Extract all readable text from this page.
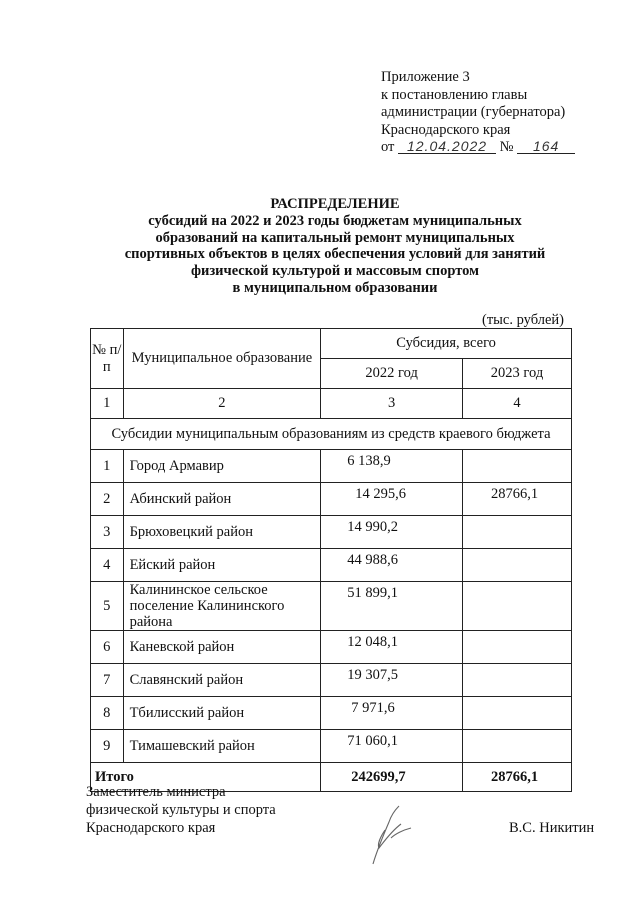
Приложение 3
к постановлению главы
администрации (губернатора)
Краснодарского края
от 12.04.2022 № 164
РАСПРЕДЕЛЕНИЕ
субсидий на 2022 и 2023 годы бюджетам муниципальных
образований на капитальный ремонт муниципальных
спортивных объектов в целях обеспечения условий для занятий
физической культурой и массовым спортом
в муниципальном образовании
(тыс. рублей)
№ п/п	Муниципальное образование	Субсидия, всего	
		2022 год	2023 год
1	2	3	4
Субсидии муниципальным образованиям из средств краевого бюджета			
1	Город Армавир	6 138,9	
2	Абинский район	14 295,6	28766,1
3	Брюховецкий район	14 990,2	
4	Ейский район	44 988,6	
5	Калининское сельское поселение Калининского района	51 899,1	
6	Каневской район	12 048,1	
7	Славянский район	19 307,5	
8	Тбилисский район	7 971,6	
9	Тимашевский район	71 060,1	
Итого		242699,7	28766,1
Заместитель министра
физической культуры и спорта
Краснодарского края	В.С. Никитин
